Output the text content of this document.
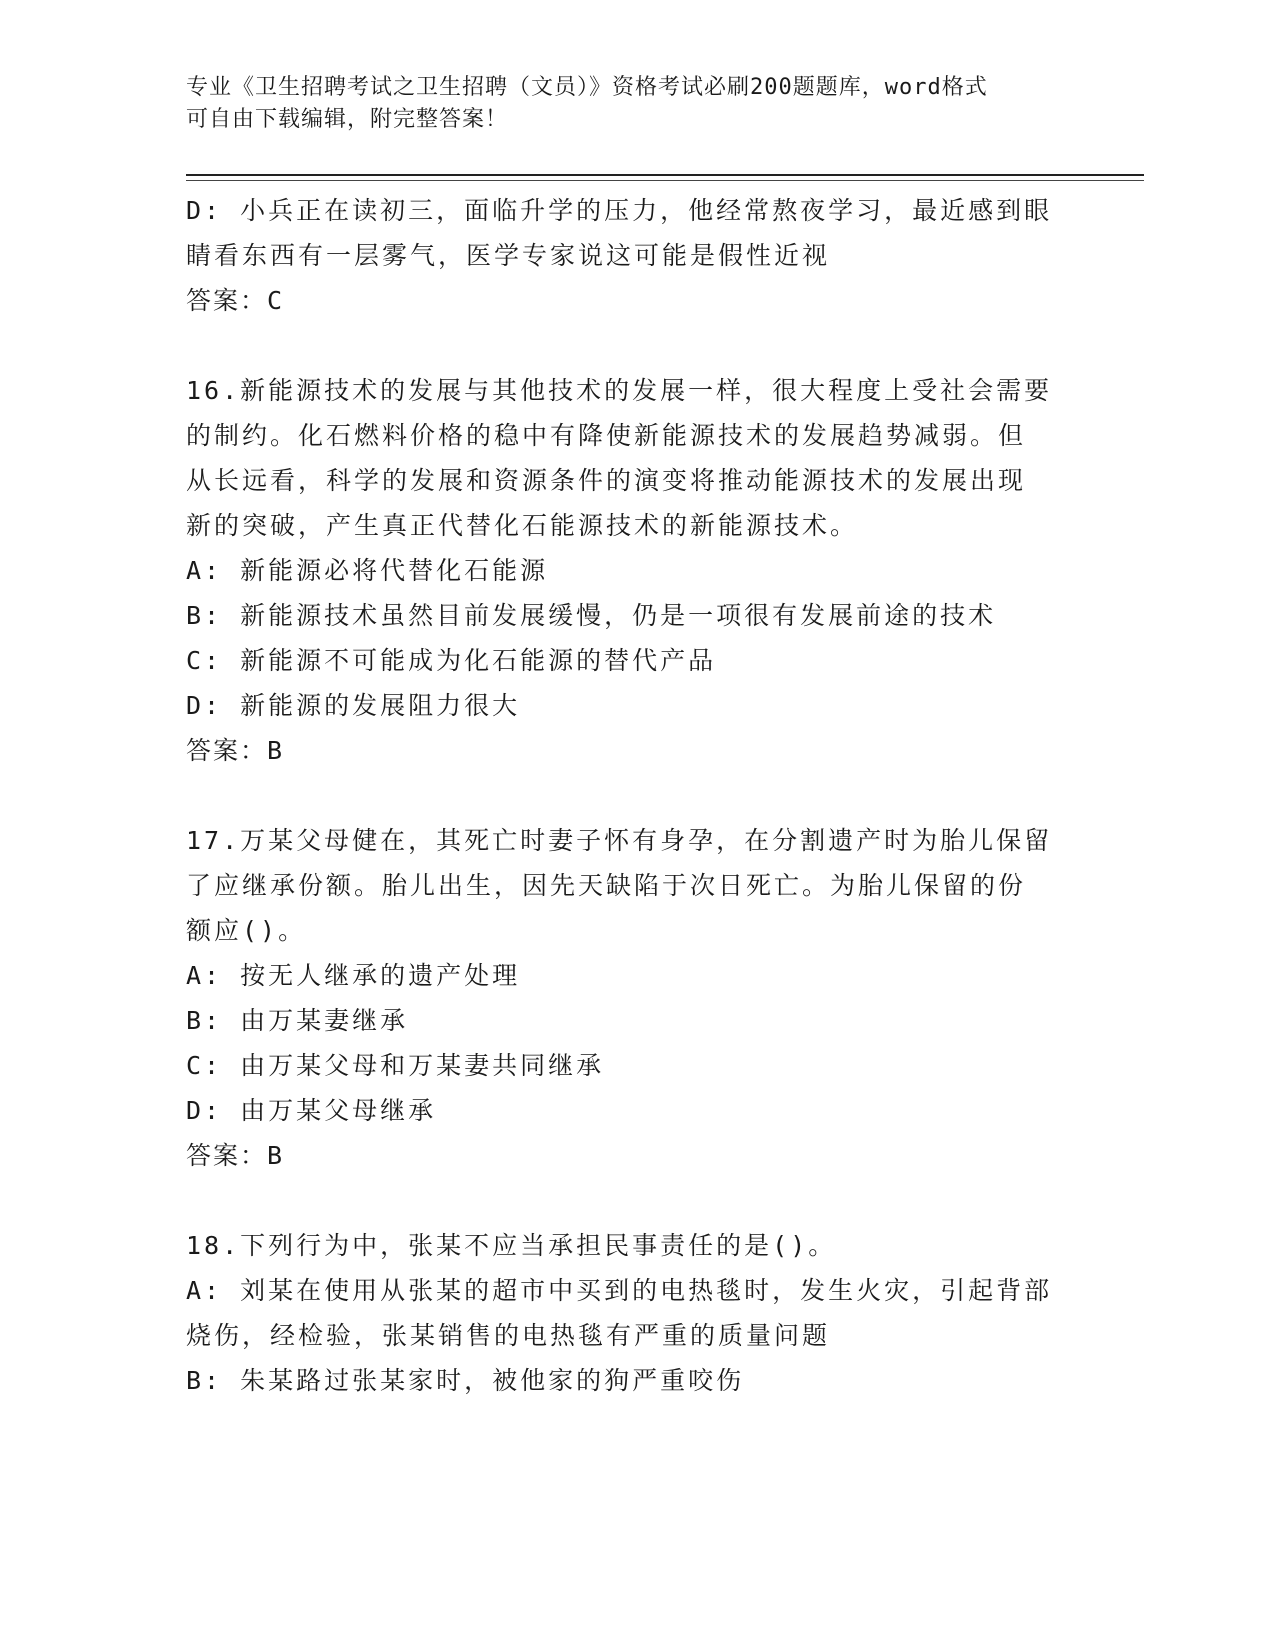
专业《卫生招聘考试之卫生招聘（文员）》资格考试必刷200题题库，word格式
可自由下载编辑，附完整答案！
D: 小兵正在读初三，面临升学的压力，他经常熬夜学习，最近感到眼
睛看东西有一层雾气，医学专家说这可能是假性近视
答案：C
16.新能源技术的发展与其他技术的发展一样，很大程度上受社会需要
的制约。化石燃料价格的稳中有降使新能源技术的发展趋势减弱。但
从长远看，科学的发展和资源条件的演变将推动能源技术的发展出现
新的突破，产生真正代替化石能源技术的新能源技术。
A: 新能源必将代替化石能源
B: 新能源技术虽然目前发展缓慢，仍是一项很有发展前途的技术
C: 新能源不可能成为化石能源的替代产品
D: 新能源的发展阻力很大
答案：B
17.万某父母健在，其死亡时妻子怀有身孕，在分割遗产时为胎儿保留
了应继承份额。胎儿出生，因先天缺陷于次日死亡。为胎儿保留的份
额应()。
A: 按无人继承的遗产处理
B: 由万某妻继承
C: 由万某父母和万某妻共同继承
D: 由万某父母继承
答案：B
18.下列行为中，张某不应当承担民事责任的是()。
A: 刘某在使用从张某的超市中买到的电热毯时，发生火灾，引起背部
烧伤，经检验，张某销售的电热毯有严重的质量问题
B: 朱某路过张某家时，被他家的狗严重咬伤
